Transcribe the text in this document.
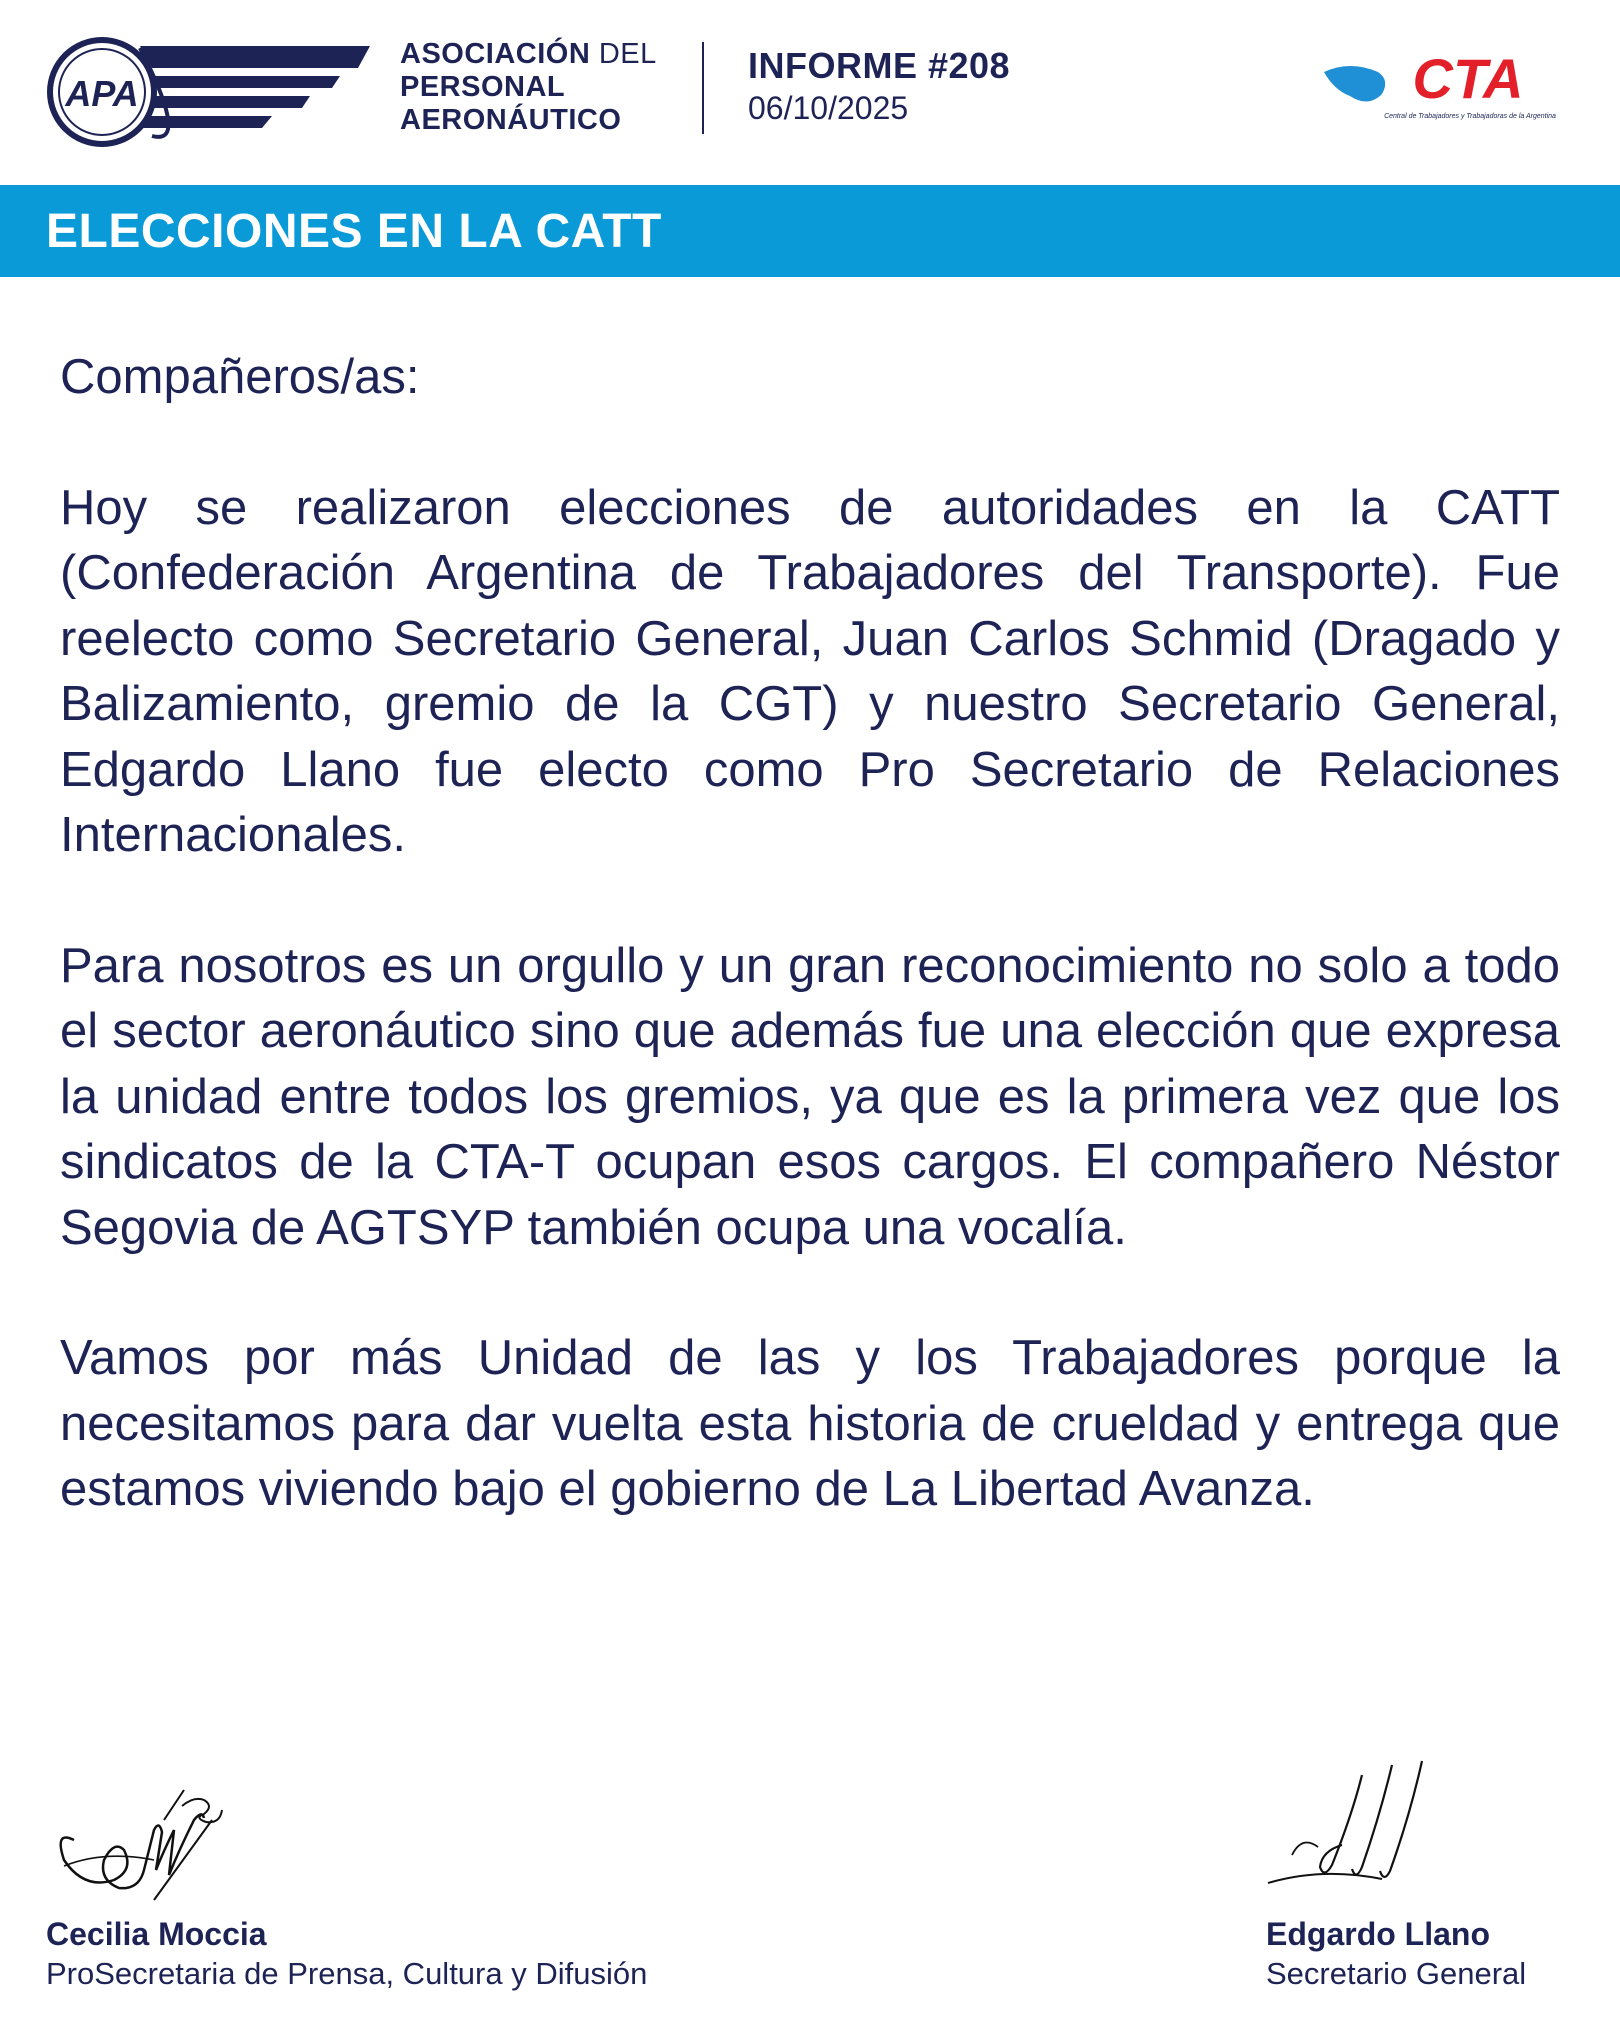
APA
ASOCIACIÓN DEL
PERSONAL
AERONÁUTICO
INFORME #208
06/10/2025	CTA
Central de Trabajadores y Trabajadoras de la Argentina
ELECCIONES EN LA CATT

Compañeros/as:

Hoy se realizaron elecciones de autoridades en la CATT (Confederación Argentina de Trabajadores del Transporte). Fue reelecto como Secretario General, Juan Carlos Schmid (Dragado y Balizamiento, gremio de la CGT) y nuestro Secretario General, Edgardo Llano fue electo como Pro Secretario de Relaciones Internacionales.

Para nosotros es un orgullo y un gran reconocimiento no solo a todo el sector aeronáutico sino que además fue una elección que expresa la unidad entre todos los gremios, ya que es la primera vez que los sindicatos de la CTA-T ocupan esos cargos. El compañero Néstor Segovia de AGTSYP también ocupa una vocalía.

Vamos por más Unidad de las y los Trabajadores porque la necesitamos para dar vuelta esta historia de crueldad y entrega que estamos viviendo bajo el gobierno de La Libertad Avanza.

Cecilia Moccia
ProSecretaria de Prensa, Cultura y Difusión
Edgardo Llano
Secretario General
